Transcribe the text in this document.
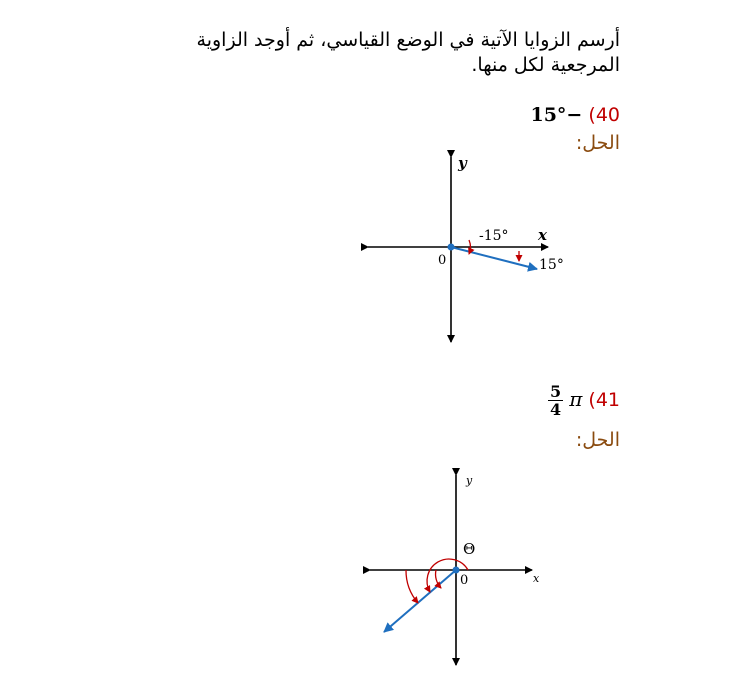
أرسم الزوايا الآتية في الوضع القياسي، ثم أوجد الزاوية المرجعية لكل منها.
40) −15°
الحل:
41) π
$\frac{5}{4}$
الحل:
y
x
0
-15°
15°
y
x
0
Θ
